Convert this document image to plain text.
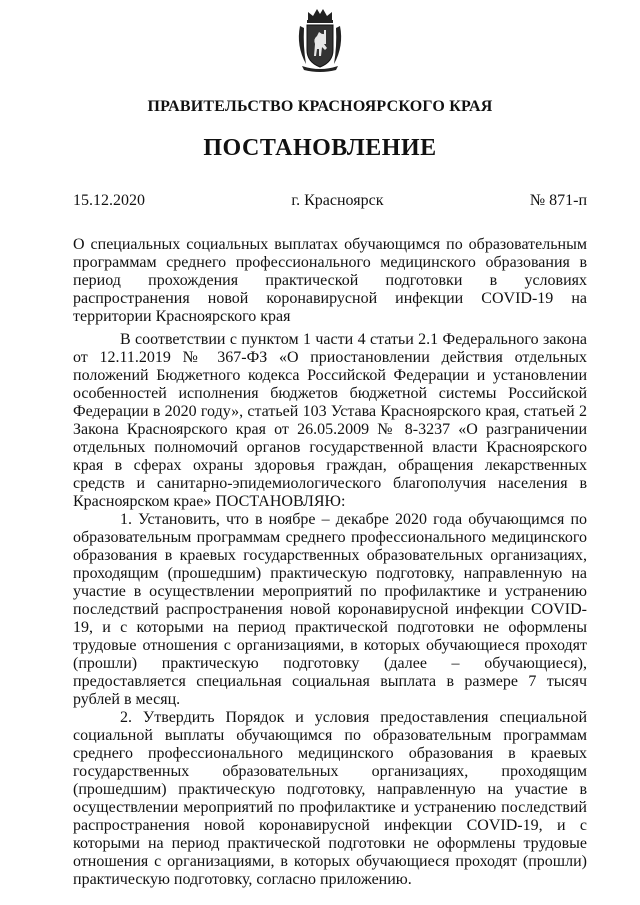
ПРАВИТЕЛЬСТВО КРАСНОЯРСКОГО КРАЯ
ПОСТАНОВЛЕНИЕ
15.12.2020	г. Красноярск	№ 871-п
О специальных социальных выплатах обучающимся по образовательным программам среднего профессионального медицинского образования в период прохождения практической подготовки в условиях распространения новой коронавирусной инфекции COVID-19 на территории Красноярского края

В соответствии с пунктом 1 части 4 статьи 2.1 Федерального закона от 12.11.2019 № 367-ФЗ «О приостановлении действия отдельных положений Бюджетного кодекса Российской Федерации и установлении особенностей исполнения бюджетов бюджетной системы Российской Федерации в 2020 году», статьей 103 Устава Красноярского края, статьей 2 Закона Красноярского края от 26.05.2009 № 8-3237 «О разграничении отдельных полномочий органов государственной власти Красноярского края в сферах охраны здоровья граждан, обращения лекарственных средств и санитарно-эпидемиологического благополучия населения в Красноярском крае» ПОСТАНОВЛЯЮ:

1. Установить, что в ноябре – декабре 2020 года обучающимся по образовательным программам среднего профессионального медицинского образования в краевых государственных образовательных организациях, проходящим (прошедшим) практическую подготовку, направленную на участие в осуществлении мероприятий по профилактике и устранению последствий распространения новой коронавирусной инфекции COVID-19, и с которыми на период практической подготовки не оформлены трудовые отношения с организациями, в которых обучающиеся проходят (прошли) практическую подготовку (далее – обучающиеся), предоставляется специальная социальная выплата в размере 7 тысяч рублей в месяц.

2. Утвердить Порядок и условия предоставления специальной социальной выплаты обучающимся по образовательным программам среднего профессионального медицинского образования в краевых государственных образовательных организациях, проходящим (прошедшим) практическую подготовку, направленную на участие в осуществлении мероприятий по профилактике и устранению последствий распространения новой коронавирусной инфекции COVID-19, и с которыми на период практической подготовки не оформлены трудовые отношения с организациями, в которых обучающиеся проходят (прошли) практическую подготовку, согласно приложению.
